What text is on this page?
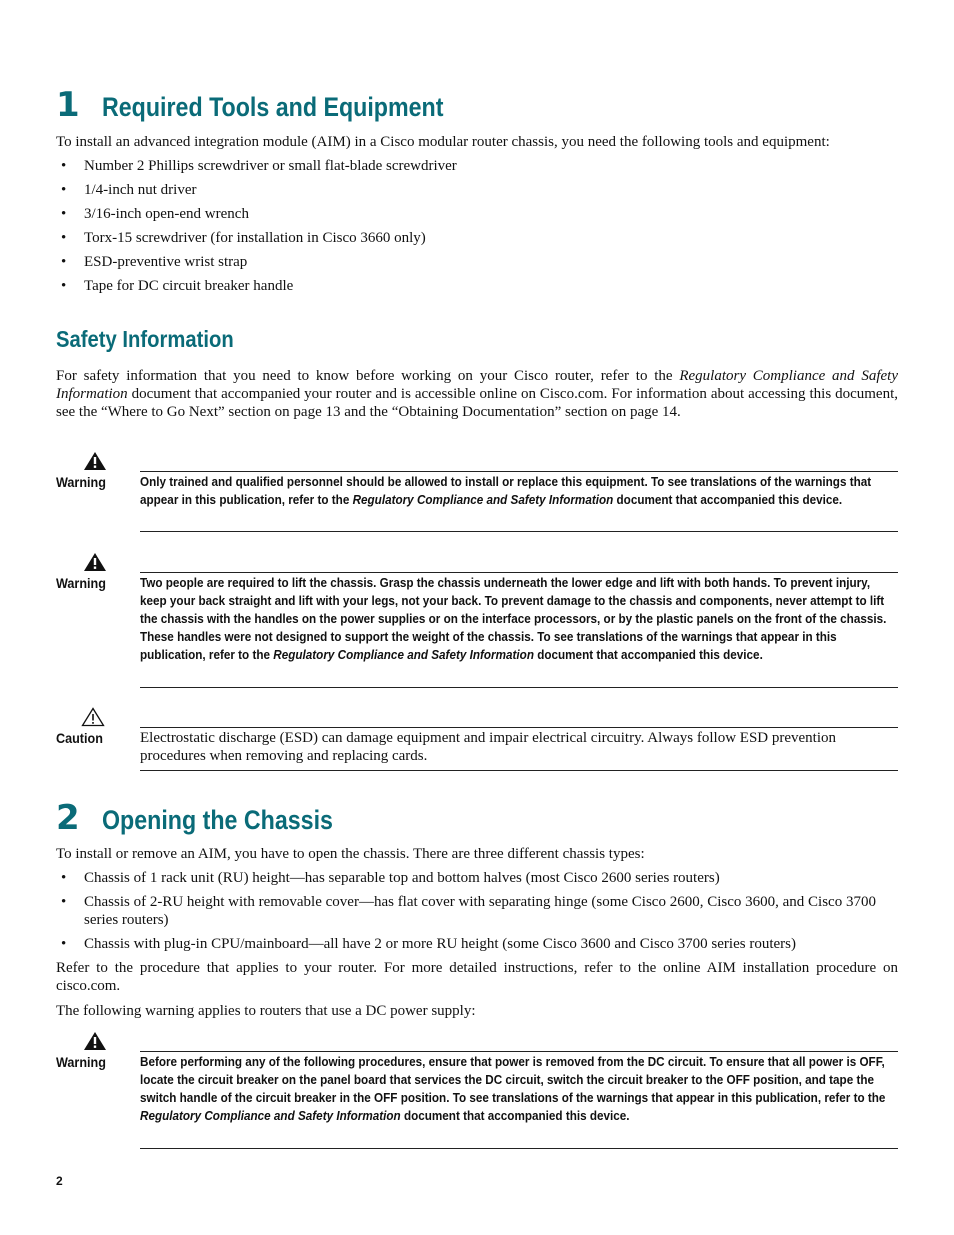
1 Required Tools and Equipment
To install an advanced integration module (AIM) in a Cisco modular router chassis, you need the following tools and equipment:
• Number 2 Phillips screwdriver or small flat-blade screwdriver
• 1/4-inch nut driver
• 3/16-inch open-end wrench
• Torx-15 screwdriver (for installation in Cisco 3660 only)
• ESD-preventive wrist strap
• Tape for DC circuit breaker handle
Safety Information
For safety information that you need to know before working on your Cisco router, refer to the Regulatory Compliance and Safety Information document that accompanied your router and is accessible online on Cisco.com. For information about accessing this document, see the “Where to Go Next” section on page 13 and the “Obtaining Documentation” section on page 14.
Warning	Only trained and qualified personnel should be allowed to install or replace this equipment. To see translations of the warnings that appear in this publication, refer to the Regulatory Compliance and Safety Information document that accompanied this device.
Warning	Two people are required to lift the chassis. Grasp the chassis underneath the lower edge and lift with both hands. To prevent injury, keep your back straight and lift with your legs, not your back. To prevent damage to the chassis and components, never attempt to lift the chassis with the handles on the power supplies or on the interface processors, or by the plastic panels on the front of the chassis. These handles were not designed to support the weight of the chassis. To see translations of the warnings that appear in this publication, refer to the Regulatory Compliance and Safety Information document that accompanied this device.
Caution Electrostatic discharge (ESD) can damage equipment and impair electrical circuitry. Always follow ESD prevention procedures when removing and replacing cards.
2 Opening the Chassis
To install or remove an AIM, you have to open the chassis. There are three different chassis types:
• Chassis of 1 rack unit (RU) height—has separable top and bottom halves (most Cisco 2600 series routers)
• Chassis of 2-RU height with removable cover—has flat cover with separating hinge (some Cisco 2600, Cisco 3600, and Cisco 3700 series routers)
• Chassis with plug-in CPU/mainboard—all have 2 or more RU height (some Cisco 3600 and Cisco 3700 series routers)
Refer to the procedure that applies to your router. For more detailed instructions, refer to the online AIM installation procedure on cisco.com.
The following warning applies to routers that use a DC power supply:
Warning	Before performing any of the following procedures, ensure that power is removed from the DC circuit. To ensure that all power is OFF, locate the circuit breaker on the panel board that services the DC circuit, switch the circuit breaker to the OFF position, and tape the switch handle of the circuit breaker in the OFF position. To see translations of the warnings that appear in this publication, refer to the Regulatory Compliance and Safety Information document that accompanied this device.
2
